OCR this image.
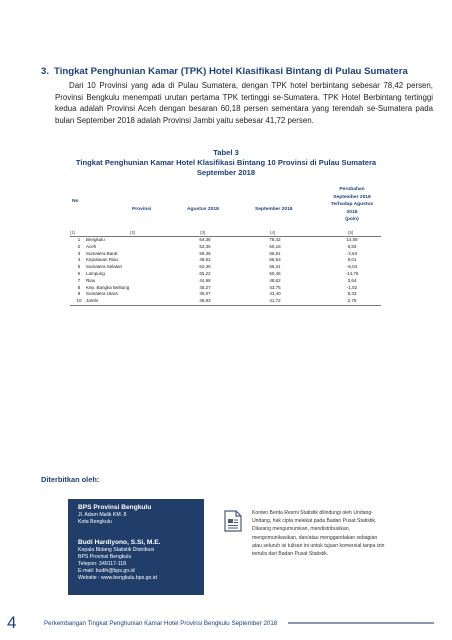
3. Tingkat Penghunian Kamar (TPK) Hotel Klasifikasi Bintang di Pulau Sumatera

Dari 10 Provinsi yang ada di Pulau Sumatera, dengan TPK hotel berbintang sebesar 78,42 persen, Provinsi Bengkulu menempati urutan pertama TPK tertinggi se-Sumatera. TPK Hotel Berbintang tertinggi kedua adalah Provinsi Aceh dengan besaran 60,18 persen sementara yang terendah se-Sumatera pada bulan September 2018 adalah Provinsi Jambi yaitu sebesar 41,72 persen.

Tabel 3
Tingkat Penghunian Kamar Hotel Klasifikasi Bintang 10 Provinsi di Pulau Sumatera
September 2018
No
Provinsi	Agustus 2018	September 2018
Perubahan
September 2018
Terhadap Agustus
2018
(poin)
(1)	(2)	(3)	(4)	(5)
1	Bengkulu	64,36	78,42	14,06
2	Aceh	53,35	60,18	6,83
3	Sumatera Barat	59,45	56,81	-2,64
4	Kepulauan Riau	48,62	56,63	8,01
5	Sumatera Selatan	62,35	56,31	-6,04
6	Lampung	65,22	50,46	-14,76
7	Riau	44,98	48,62	3,64
8	Kep. Bangka Belitung	45,27	43,75	-1,52
9	Sumatera Utara	35,07	43,40	8,33
10	Jambi	38,93	41,72	2,79
Diterbitkan oleh:
BPS Provinsi Bengkulu
Jl. Adam Malik KM. 8
Kota Bengkulu
Budi Hardiyono, S.Si, M.E.
Kepala Bidang Statistik Distribusi
BPS Provinsi Bengkulu
Telepon: 349117-118
E-mail: budih@bps.go.id
Website : www.bengkulu.bps.go.id

Konten Berita Resmi Statistik dilindungi oleh Undang-Undang, hak cipta melekat pada Badan Pusat Statistik. Dilarang mengumumkan, mendistribusikan, mengomunikasikan, dan/atau menggandakan sebagian atau seluruh isi tulisan ini untuk tujuan komersial tanpa izin tertulis dari Badan Pusat Statistik.

4	Perkembangan Tingkat Penghunian Kamar Hotel Provinsi Bengkulu September 2018
